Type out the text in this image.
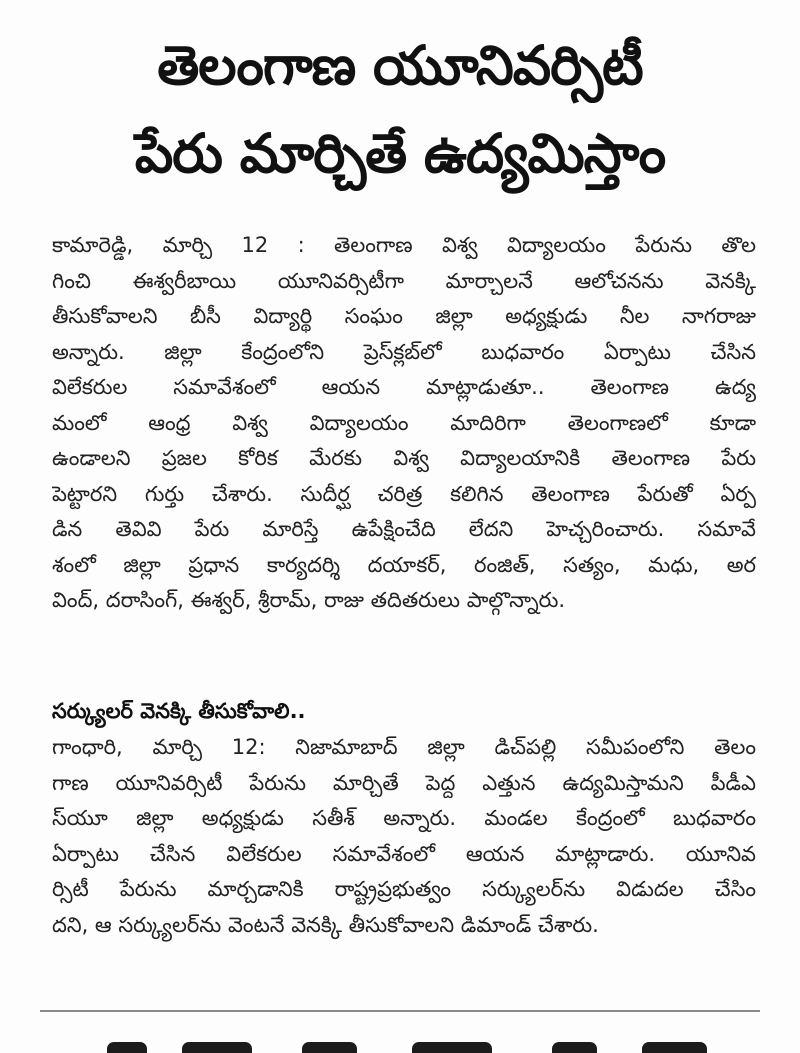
తెలంగాణ యూనివర్సిటీ
పేరు మార్చితే ఉద్యమిస్తాం
కామారెడ్డి, మార్చి 12 : తెలంగాణ విశ్వ విద్యాలయం పేరును తొల
గించి ఈశ్వరీబాయి యూనివర్సిటీగా మార్చాలనే ఆలోచనను వెనక్కి
తీసుకోవాలని బీసీ విద్యార్థి సంఘం జిల్లా అధ్యక్షుడు నీల నాగరాజు
అన్నారు. జిల్లా కేంద్రంలోని ప్రెస్‌క్లబ్‌లో బుధవారం ఏర్పాటు చేసిన
విలేకరుల సమావేశంలో ఆయన మాట్లాడుతూ.. తెలంగాణ ఉద్య
మంలో ఆంధ్ర విశ్వ విద్యాలయం మాదిరిగా తెలంగాణలో కూడా
ఉండాలని ప్రజల కోరిక మేరకు విశ్వ విద్యాలయానికి తెలంగాణ పేరు
పెట్టారని గుర్తు చేశారు. సుదీర్ఘ చరిత్ర కలిగిన తెలంగాణ పేరుతో ఏర్ప
డిన తెవివి పేరు మారిస్తే ఉపేక్షించేది లేదని హెచ్చరించారు. సమావే
శంలో జిల్లా ప్రధాన కార్యదర్శి దయాకర్, రంజిత్, సత్యం, మధు, అర
వింద్, దరాసింగ్, ఈశ్వర్, శ్రీరామ్, రాజు తదితరులు పాల్గొన్నారు.
సర్క్యులర్ వెనక్కి తీసుకోవాలి..
గాంధారి, మార్చి 12: నిజామాబాద్ జిల్లా డిచ్‌పల్లి సమీపంలోని తెలం
గాణ యూనివర్సిటీ పేరును మార్చితే పెద్ద ఎత్తున ఉద్యమిస్తామని పీడీఎ
స్‌యూ జిల్లా అధ్యక్షుడు సతీశ్ అన్నారు. మండల కేంద్రంలో బుధవారం
ఏర్పాటు చేసిన విలేకరుల సమావేశంలో ఆయన మాట్లాడారు. యూనివ
ర్సిటీ పేరును మార్చడానికి రాష్ట్రప్రభుత్వం సర్క్యులర్‌ను విడుదల చేసిం
దని, ఆ సర్క్యులర్‌ను వెంటనే వెనక్కి తీసుకోవాలని డిమాండ్ చేశారు.
